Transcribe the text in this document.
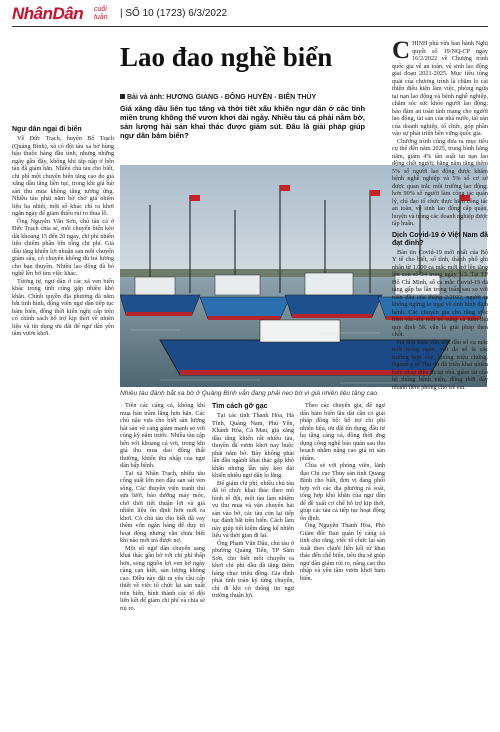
NhânDân cuối
tuần | SỐ 10 (1723) 6/3/2022
Lao đao nghề biển
Bài và ảnh: HƯƠNG GIANG - ĐÔNG HUYỀN - BIÊN THÙY

Giá xăng dầu liên tục tăng và thời tiết xấu khiến ngư dân ở các tỉnh miền trung không thể vươn khơi dài ngày. Nhiều tàu cá phải nằm bờ, sản lượng hải sản khai thác được giảm sút. Đâu là giải pháp giúp ngư dân bám biển?

Ngư dân ngại đi biển

Về Đức Trạch, huyện Bố Trạch (Quảng Bình), xã có đội tàu xa bờ hùng hậu thuộc hàng đầu tỉnh, nhưng những ngày gần đây, không khí tấp nập ở bến tàu đã giảm hẳn. Nhiều chủ tàu cho biết, chi phí một chuyến biển tăng cao do giá xăng dầu tăng liên tục, trong khi giá hải sản thu mua không tăng tương ứng. Nhiều tàu phải nằm bờ chờ giá nhiên liệu hạ nhiệt, một số khác chỉ ra khơi ngắn ngày để giảm thiểu rủi ro thua lỗ.

Ông Nguyễn Văn Sơn, chủ tàu cá ở Đức Trạch chia sẻ, mỗi chuyến biển kéo dài khoảng 15 đến 20 ngày, chi phí nhiên liệu chiếm phần lớn tổng chi phí. Giá dầu tăng khiến lợi nhuận sau mỗi chuyến giảm sâu, có chuyến không đủ trả lương cho bạn thuyền. Nhiều lao động đã bỏ nghề lên bờ tìm việc khác.

Tương tự, ngư dân ở các xã ven biển khác trong tỉnh cũng gặp nhiều khó khăn. Chính quyền địa phương đã nắm bắt tình hình, động viên ngư dân tiếp tục bám biển, đồng thời kiến nghị cấp trên có chính sách hỗ trợ kịp thời về nhiên liệu và tín dụng ưu đãi để ngư dân yên tâm vươn khơi.

Nhiều tàu đánh bắt xa bờ ở Quảng Bình vẫn đang phải neo bờ vì giá nhiên liệu tăng cao.

Trên các cảng cá, không khí mua bán trầm lắng hơn hẳn. Các chủ nậu vựa cho biết sản lượng hải sản về cảng giảm mạnh so với cùng kỳ năm trước. Nhiều tàu cập bến với khoang cá vơi, trong khi giá thu mua dao động thất thường, khiến thu nhập của ngư dân bấp bênh.

Tại xã Nhân Trạch, nhiều tàu công suất lớn neo đậu san sát ven sông. Các thuyền viên tranh thủ sửa lưới, bảo dưỡng máy móc, chờ thời tiết thuận lợi và giá nhiên liệu ổn định hơn mới ra khơi. Có chủ tàu cho biết đã vay thêm vốn ngân hàng để duy trì hoạt động nhưng vẫn chưa biết khi nào mới trả được nợ.

Một số ngư dân chuyển sang khai thác gần bờ với chi phí thấp hơn, song nguồn lợi ven bờ ngày càng cạn kiệt, sản lượng không cao. Điều này đặt ra yêu cầu cấp thiết về việc tổ chức lại sản xuất trên biển, hình thành các tổ đội liên kết để giảm chi phí và chia sẻ rủi ro.

Tìm cách gỡ gạc

Tại các tỉnh Thanh Hóa, Hà Tĩnh, Quảng Nam, Phú Yên, Khánh Hòa, Cà Mau, giá xăng dầu tăng khiến rất nhiều tàu, thuyền đã vươn khơi nay buộc phải nằm bờ. Bày không phải lần đầu ngành khai thác gặp khó khăn nhưng lần này kéo dài khiến nhiều ngư dân lo lắng.

Để giảm chi phí, nhiều chủ tàu đã tổ chức khai thác theo mô hình tổ đội, một tàu làm nhiệm vụ thu mua và vận chuyển hải sản vào bờ, các tàu còn lại tiếp tục đánh bắt trên biển. Cách làm này giúp tiết kiệm đáng kể nhiên liệu và thời gian đi lại.

Ông Phạm Văn Dậu, chủ tàu ở phường Quảng Tiến, TP Sầm Sơn, cho biết mỗi chuyến ra khơi chi phí dầu đã tăng thêm hàng chục triệu đồng. Gia đình phải tính toán kỹ từng chuyến, chỉ đi khi có thông tin ngư trường thuận lợi.

Theo các chuyên gia, để ngư dân bám biển lâu dài cần có giải pháp đồng bộ: hỗ trợ chi phí nhiên liệu, ưu đãi tín dụng, đầu tư hạ tầng cảng cá, đồng thời ứng dụng công nghệ bảo quản sau thu hoạch nhằm nâng cao giá trị sản phẩm.

Chia sẻ với phóng viên, lãnh đạo Chi cục Thủy sản tỉnh Quảng Bình cho biết, đơn vị đang phối hợp với các địa phương rà soát, tổng hợp khó khăn của ngư dân để đề xuất cơ chế hỗ trợ kịp thời, giúp các tàu cá tiếp tục hoạt động ổn định.

Ông Nguyễn Thanh Hòa, Phó Giám đốc Ban quản lý cảng cá tỉnh cho rằng, việc tổ chức lại sản xuất theo chuỗi liên kết từ khai thác đến chế biến, tiêu thụ sẽ giúp ngư dân giảm rủi ro, nâng cao thu nhập và yên tâm vươn khơi bám biển.

C HÍNH phủ vừa ban hành Nghị quyết số 19/NQ-CP ngày 16/2/2022 về Chương trình quốc gia về an toàn, vệ sinh lao động giai đoạn 2021-2025. Mục tiêu tổng quát của chương trình là chăm lo cải thiện điều kiện làm việc, phòng ngừa tai nạn lao động và bệnh nghề nghiệp, chăm sóc sức khỏe người lao động; bảo đảm an toàn tính mạng cho người lao động, tài sản của nhà nước, tài sản của doanh nghiệp, tổ chức, góp phần vào sự phát triển bền vững quốc gia.

Chương trình cũng đưa ra mục tiêu cụ thể đến năm 2025, trung bình hằng năm, giảm 4% tần suất tai nạn lao động chết người; hằng năm tăng thêm 5% số người lao động được khám bệnh nghề nghiệp và 5% số cơ sở được quan trắc môi trường lao động; hơn 90% số người làm công tác quản lý, chỉ đạo tổ chức thực hiện công tác an toàn, vệ sinh lao động cấp quận, huyện và trong các doanh nghiệp được tập huấn.

Dịch Covid-19 ở Việt Nam đã đạt đỉnh?

Bản tin Covid-19 mới nhất của Bộ Y tế cho biết, số tình, thành phố ghi nhận từ 1.000 ca mắc mới trở lên tăng lên con số 34 trong ngày 1/3. Tại TP Hồ Chí Minh, số ca mắc Covid-19 đã tăng gấp ba lần trong tuần sau so với tuần đầu của tháng 2/2022, người ta không ngừng lo ngại về tình hình dịch bệnh. Các chuyên gia cho rằng việc tiêm vắc-xin mũi bổ sung và tuân thủ quy định 5K vẫn là giải pháp then chốt.

Hà Nội hiện vẫn dẫn đầu số ca mắc mới trong ngày, với đa số là các trường hợp nhẹ, không triệu chứng. Ngành y tế Thủ đô đã triển khai nhiều biện pháp điều trị tại nhà, giảm tải cho hệ thống bệnh viện, đồng thời đẩy nhanh tiêm phòng cho trẻ em.
